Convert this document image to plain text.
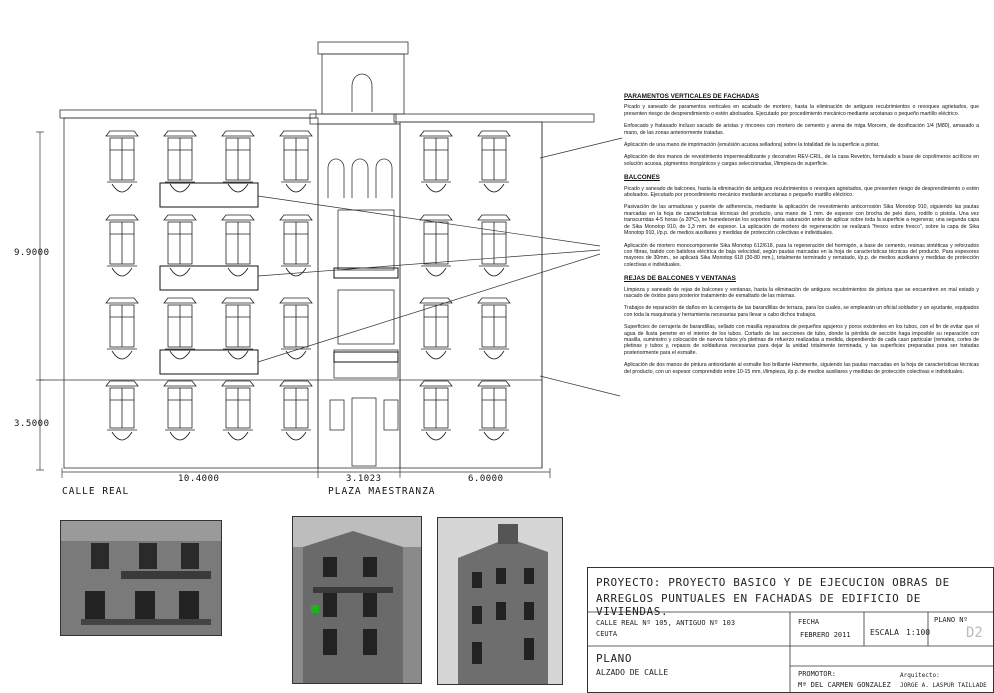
9.9000
3.5000
10.4000	3.1023	6.0000
CALLE REAL	PLAZA MAESTRANZA
PARAMENTOS VERTICALES DE FACHADAS

Picado y saneado de paramentos verticales en acabado de mortero, hasta la eliminación de antiguos recubrimientos o revoques agrietados, que presenten riesgo de desprendimiento o estén abolsados. Ejecutado por procedimiento mecánico mediante arcotanas o pequeño martillo eléctrico.

Enfoscado y fratasado incluso sacado de aristas y rincones con mortero de cemento y arena de miga Morcem, de dosificación 1/4 (M80), amasado a mano, de las zonas anteriormente tratadas.

Aplicación de una mano de imprimación (emulsión acuosa selladora) sobre la totalidad de la superficie a pintar.

Aplicación de dos manos de revestimiento impermeabilizante y decorativo REV-CRIL, de la casa Revetón, formulado a base de copolímeros acrílicos en solución acuosa, pigmentos inorgánicos y cargas seleccionadas, l/limpieza de superficie.

BALCONES

Picado y saneado de balcones, hasta la eliminación de antiguos recubrimientos o revoques agrietados, que presenten riesgo de desprendimiento o estén abolsados. Ejecutado por procedimiento mecánico mediante arcotanas o pequeño martillo eléctrico.

Pasivación de las armaduras y puente de adherencia, mediante la aplicación de revestimiento anticorrosión Sika Monotop 910, siguiendo las pautas marcadas en la hoja de características técnicas del producto, una mano de 1 mm. de espesor con brocha de pelo duro, rodillo o pistola. Una vez transcurridas 4-5 horas (a 20ºC), se humedecerán los soportes hasta saturación antes de aplicar sobre toda la superficie a regenerar, una segunda capa de Sika Monotop 910, de 1,3 mm. de espesor. La aplicación de mortero de regeneración se realizará "fresco sobre fresco", sobre la capa de Sika Monotop 910, i/p.p. de medios auxiliares y medidas de protección colectivas e individuales.

Aplicación de mortero monocomponente Sika Monotop 612/618, para la regeneración del hormigón, a base de cemento, resinas sintéticas y reforzados con fibras, batido con batidora eléctrica de baja velocidad, según pautas marcadas en la hoja de características técnicas del producto. Para espesores mayores de 30mm., se aplicará Sika Monotop 618 (30-80 mm.), totalmente terminado y rematado, i/p.p. de medios auxiliares y medidas de protección colectivas e individuales.

REJAS DE BALCONES Y VENTANAS

Limpieza y saneado de rejas de balcones y ventanas, hasta la eliminación de antiguos recubrimientos de pintura que se encuentren en mal estado y rascado de óxidos para posterior tratamiento de esmaltado de las mismas.

Trabajos de reparación de daños en la cerrajería de las barandillas de terraza, para los cuales, se emplearán un oficial soldador y un ayudante, equipados con toda la maquinaria y herramienta necesarias para llevar a cabo dichos trabajos.

Superficies de cerrajería de barandillas, sellado con masilla reparadora de pequeños agujeros y poros existentes en los tubos, con el fin de evitar que el agua de lluvia penetre en el interior de los tubos. Cortado de las secciones de tubo, donde la pérdida de sección haga imposible su reparación con masilla, suministro y colocación de nuevos tubos y/o pletinas de refuerzo realizadas a medida, dependiendo de cada caso particular (remates, cortes de pletinas y tubos y, repasos de soldaduras necesarias para dejar la unidad totalmente terminada, y las superficies preparadas para ser tratadas posteriormente para el esmalte.

Aplicación de dos manos de pintura antioxidante al esmalte liso brillante Hammerite, siguiendo las pautas marcadas en la hoja de características técnicas del producto, con un espesor comprendido entre 10-15 mm, i/limpieza, i/p.p. de medios auxiliares y medidas de protección colectivas e individuales.

PROYECTO: PROYECTO BASICO Y DE EJECUCION OBRAS DE
ARREGLOS PUNTUALES EN FACHADAS DE EDIFICIO DE VIVIENDAS.
CALLE REAL Nº 105, ANTIGUO Nº 103
CEUTA
FECHA
FEBRERO 2011 ESCALA 1:100
PLANO Nº
D2
PLANO
ALZADO DE CALLE	PROMOTOR:
Mª DEL CARMEN GONZALEZ
Arquitecto:
JORGE A. LASPUR TAILLADE
